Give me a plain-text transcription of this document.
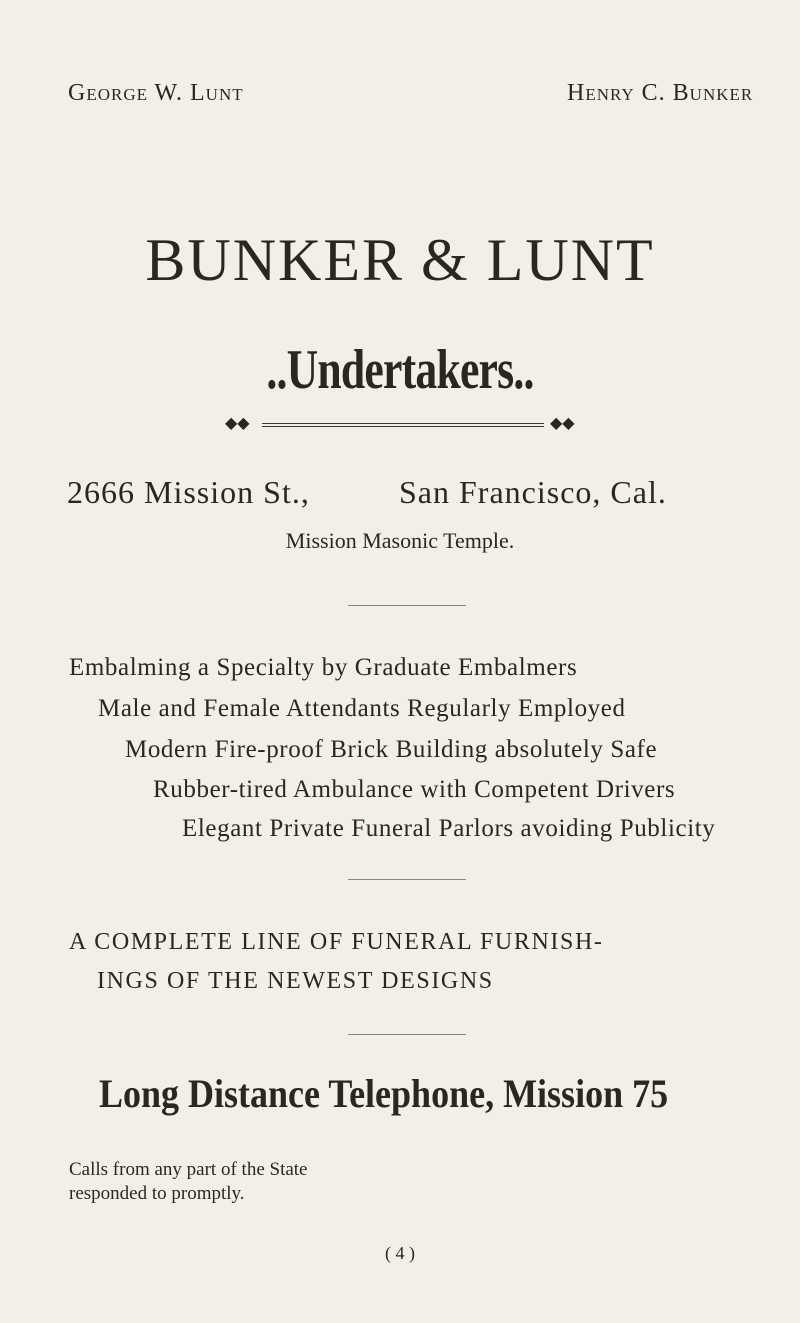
George W. Lunt	Henry C. Bunker
BUNKER & LUNT
..Undertakers..
◆◆	◆◆
2666 Mission St.,	San Francisco, Cal.
Mission Masonic Temple.
Embalming a Specialty by Graduate Embalmers
Male and Female Attendants Regularly Employed
Modern Fire-proof Brick Building absolutely Safe
Rubber-tired Ambulance with Competent Drivers
Elegant Private Funeral Parlors avoiding Publicity
A COMPLETE LINE OF FUNERAL FURNISH-
INGS OF THE NEWEST DESIGNS
Long Distance Telephone, Mission 75
Calls from any part of the State
responded to promptly.
( 4 )
